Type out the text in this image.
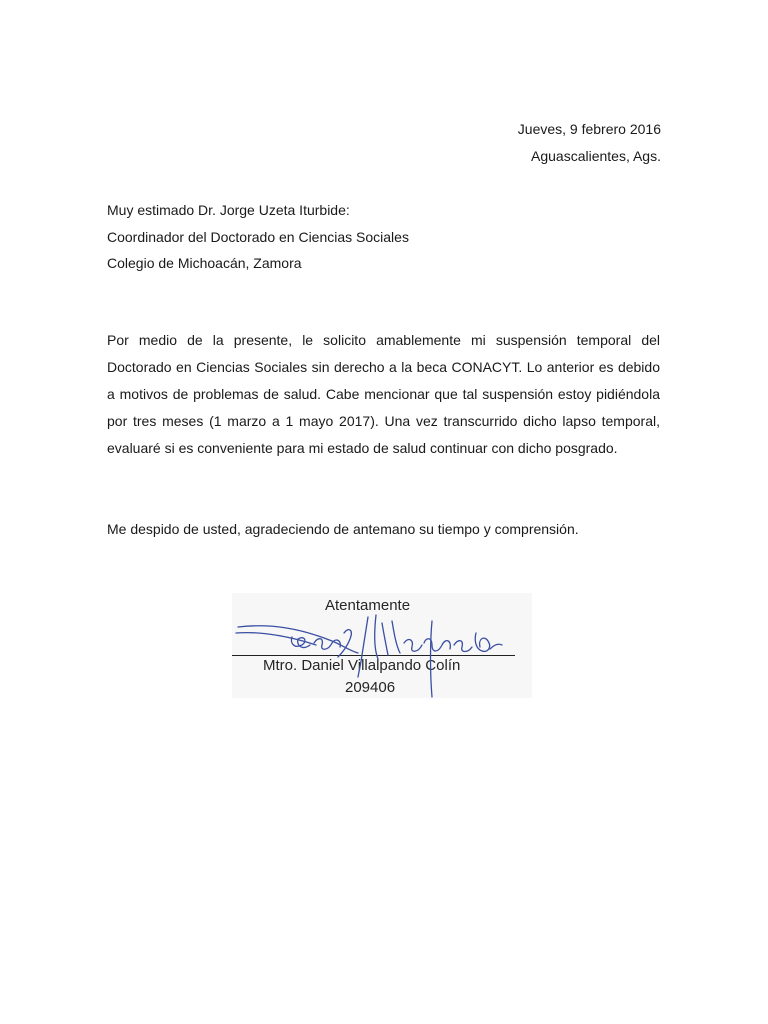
Jueves, 9 febrero 2016
Aguascalientes, Ags.
Muy estimado Dr. Jorge Uzeta Iturbide:
Coordinador del Doctorado en Ciencias Sociales
Colegio de Michoacán, Zamora
Por medio de la presente, le solicito amablemente mi suspensión temporal del Doctorado en Ciencias Sociales sin derecho a la beca CONACYT. Lo anterior es debido a motivos de problemas de salud. Cabe mencionar que tal suspensión estoy pidiéndola por tres meses (1 marzo a 1 mayo 2017). Una vez transcurrido dicho lapso temporal, evaluaré si es conveniente para mi estado de salud continuar con dicho posgrado.
Me despido de usted, agradeciendo de antemano su tiempo y comprensión.
Atentamente
Mtro. Daniel Villalpando Colín
209406
